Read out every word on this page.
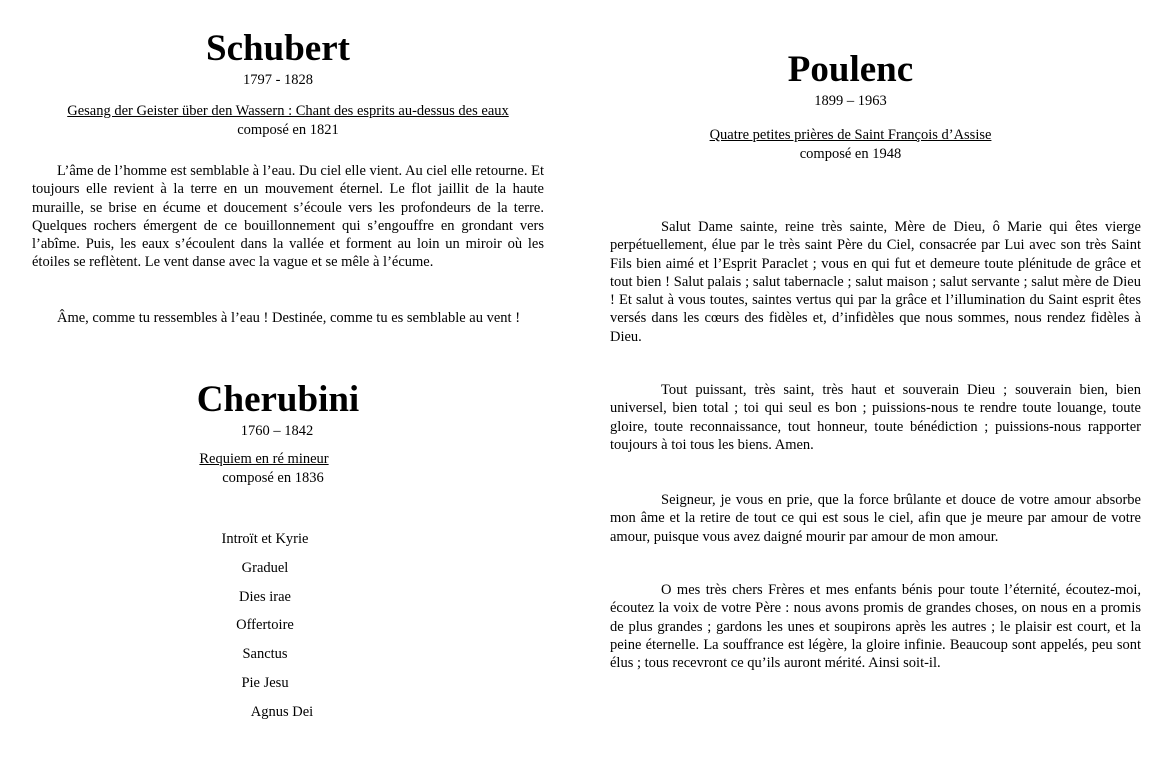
Schubert

1797 - 1828

Gesang der Geister über den Wassern : Chant des esprits au-dessus des eaux

composé en 1821

L’âme de l’homme est semblable à l’eau. Du ciel elle vient. Au ciel elle retourne. Et toujours elle revient à la terre en un mouvement éternel. Le flot jaillit de la haute muraille, se brise en écume et doucement s’écoule vers les profondeurs de la terre. Quelques rochers émergent de ce bouillonnement qui s’engouffre en grondant vers l’abîme. Puis, les eaux s’écoulent dans la vallée et forment au loin un miroir où les étoiles se reflètent. Le vent danse avec la vague et se mêle à l’écume.

Âme, comme tu ressembles à l’eau ! Destinée, comme tu es semblable au vent !

Cherubini

1760 – 1842

Requiem en ré mineur

composé en 1836

Introït et Kyrie

Graduel

Dies irae

Offertoire

Sanctus

Pie Jesu

Agnus Dei

Poulenc

1899 – 1963

Quatre petites prières de Saint François d’Assise

composé en 1948

Salut Dame sainte, reine très sainte, Mère de Dieu, ô Marie qui êtes vierge perpétuellement, élue par le très saint Père du Ciel, consacrée par Lui avec son très Saint Fils bien aimé et l’Esprit Paraclet ; vous en qui fut et demeure toute plénitude de grâce et tout bien ! Salut palais ; salut tabernacle ; salut maison ; salut servante ; salut mère de Dieu ! Et salut à vous toutes, saintes vertus qui par la grâce et l’illumination du Saint esprit êtes versés dans les cœurs des fidèles et, d’infidèles que nous sommes, nous rendez fidèles à Dieu.

Tout puissant, très saint, très haut et souverain Dieu ; souverain bien, bien universel, bien total ; toi qui seul es bon ; puissions-nous te rendre toute louange, toute gloire, toute reconnaissance, tout honneur, toute bénédiction ; puissions-nous rapporter toujours à toi tous les biens. Amen.

Seigneur, je vous en prie, que la force brûlante et douce de votre amour absorbe mon âme et la retire de tout ce qui est sous le ciel, afin que je meure par amour de votre amour, puisque vous avez daigné mourir par amour de mon amour.

O mes très chers Frères et mes enfants bénis pour toute l’éternité, écoutez-moi, écoutez la voix de votre Père : nous avons promis de grandes choses, on nous en a promis de plus grandes ; gardons les unes et soupirons après les autres ; le plaisir est court, et la peine éternelle. La souffrance est légère, la gloire infinie. Beaucoup sont appelés, peu sont élus ; tous recevront ce qu’ils auront mérité. Ainsi soit-il.
